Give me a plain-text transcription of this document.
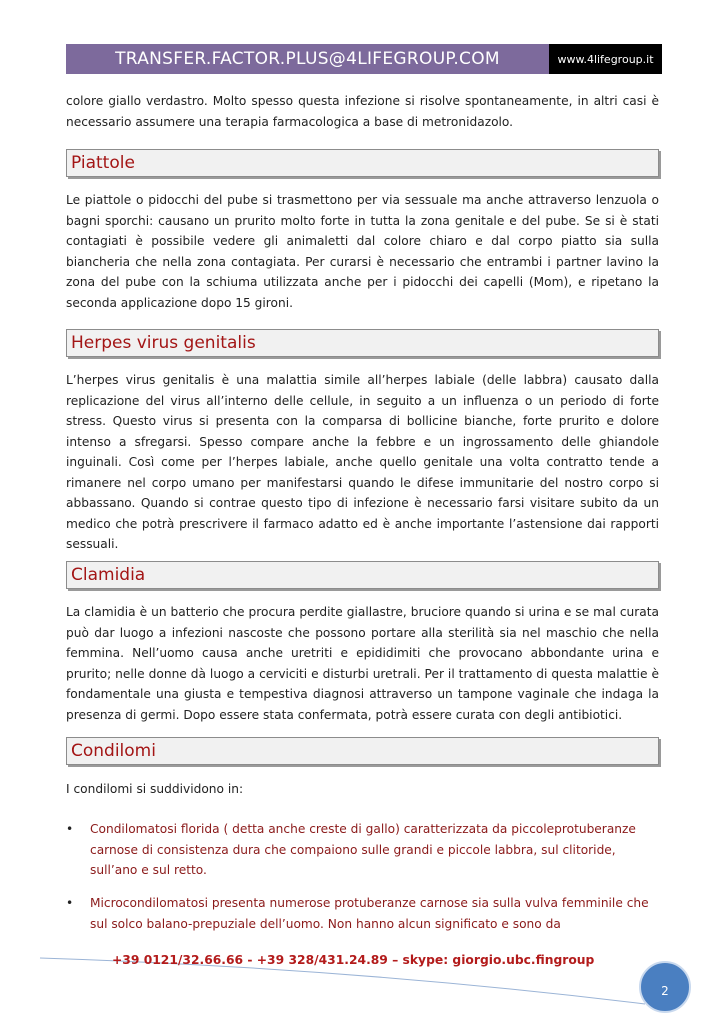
TRANSFER.FACTOR.PLUS@4LIFEGROUP.COM	www.4lifegroup.it

colore giallo verdastro. Molto spesso questa infezione si risolve spontaneamente, in altri casi è necessario assumere una terapia farmacologica a base di metronidazolo.

Piattole

Le piattole o pidocchi del pube si trasmettono per via sessuale ma anche attraverso lenzuola o bagni sporchi: causano un prurito molto forte in tutta la zona genitale e del pube. Se si è stati contagiati è possibile vedere gli animaletti dal colore chiaro e dal corpo piatto sia sulla biancheria che nella zona contagiata. Per curarsi è necessario che entrambi i partner lavino la zona del pube con la schiuma utilizzata anche per i pidocchi dei capelli (Mom), e ripetano la seconda applicazione dopo 15 gironi.

Herpes virus genitalis

L’herpes virus genitalis è una malattia simile all’herpes labiale (delle labbra) causato dalla replicazione del virus all’interno delle cellule, in seguito a un influenza o un periodo di forte stress. Questo virus si presenta con la comparsa di bollicine bianche, forte prurito e dolore intenso a sfregarsi. Spesso compare anche la febbre e un ingrossamento delle ghiandole inguinali. Così come per l’herpes labiale, anche quello genitale una volta contratto tende a rimanere nel corpo umano per manifestarsi quando le difese immunitarie del nostro corpo si abbassano. Quando si contrae questo tipo di infezione è necessario farsi visitare subito da un medico che potrà prescrivere il farmaco adatto ed è anche importante l’astensione dai rapporti sessuali.

Clamidia

La clamidia è un batterio che procura perdite giallastre, bruciore quando si urina e se mal curata può dar luogo a infezioni nascoste che possono portare alla sterilità sia nel maschio che nella femmina. Nell’uomo causa anche uretriti e epididimiti che provocano abbondante urina e prurito; nelle donne dà luogo a cerviciti e disturbi uretrali. Per il trattamento di questa malattie è fondamentale una giusta e tempestiva diagnosi attraverso un tampone vaginale che indaga la presenza di germi. Dopo essere stata confermata, potrà essere curata con degli antibiotici.

Condilomi

I condilomi si suddividono in:

•	Condilomatosi florida ( detta anche creste di gallo) caratterizzata da piccoleprotuberanze carnose di consistenza dura che compaiono sulle grandi e piccole labbra, sul clitoride, sull’ano e sul retto.
•	Microcondilomatosi presenta numerose protuberanze carnose sia sulla vulva femminile che sul solco balano-prepuziale dell’uomo. Non hanno alcun significato e sono da
+39 0121/32.66.66 - +39 328/431.24.89 – skype: giorgio.ubc.fingroup
2
